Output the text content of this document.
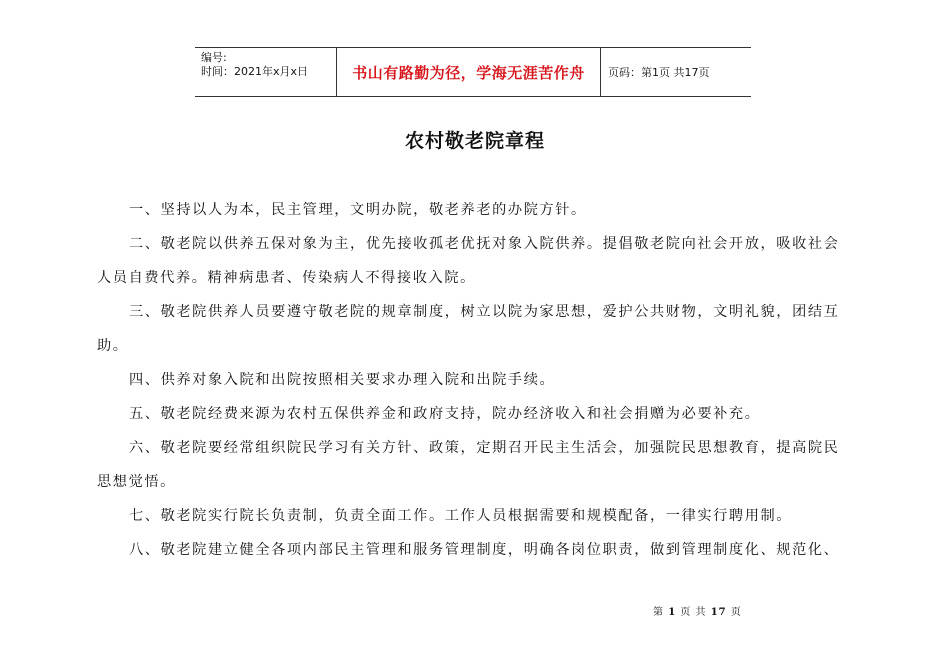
编号:
时间：2021年x月x日	书山有路勤为径，学海无涯苦作舟	页码：第1页 共17页
农村敬老院章程

一、坚持以人为本，民主管理，文明办院，敬老养老的办院方针。

二、敬老院以供养五保对象为主，优先接收孤老优抚对象入院供养。提倡敬老院向社会开放，吸收社会
人员自费代养。精神病患者、传染病人不得接收入院。

三、敬老院供养人员要遵守敬老院的规章制度，树立以院为家思想，爱护公共财物，文明礼貌，团结互
助。

四、供养对象入院和出院按照相关要求办理入院和出院手续。

五、敬老院经费来源为农村五保供养金和政府支持，院办经济收入和社会捐赠为必要补充。

六、敬老院要经常组织院民学习有关方针、政策，定期召开民主生活会，加强院民思想教育，提高院民
思想觉悟。

七、敬老院实行院长负责制，负责全面工作。工作人员根据需要和规模配备，一律实行聘用制。

八、敬老院建立健全各项内部民主管理和服务管理制度，明确各岗位职责，做到管理制度化、规范化、

第 1 页 共 17 页
